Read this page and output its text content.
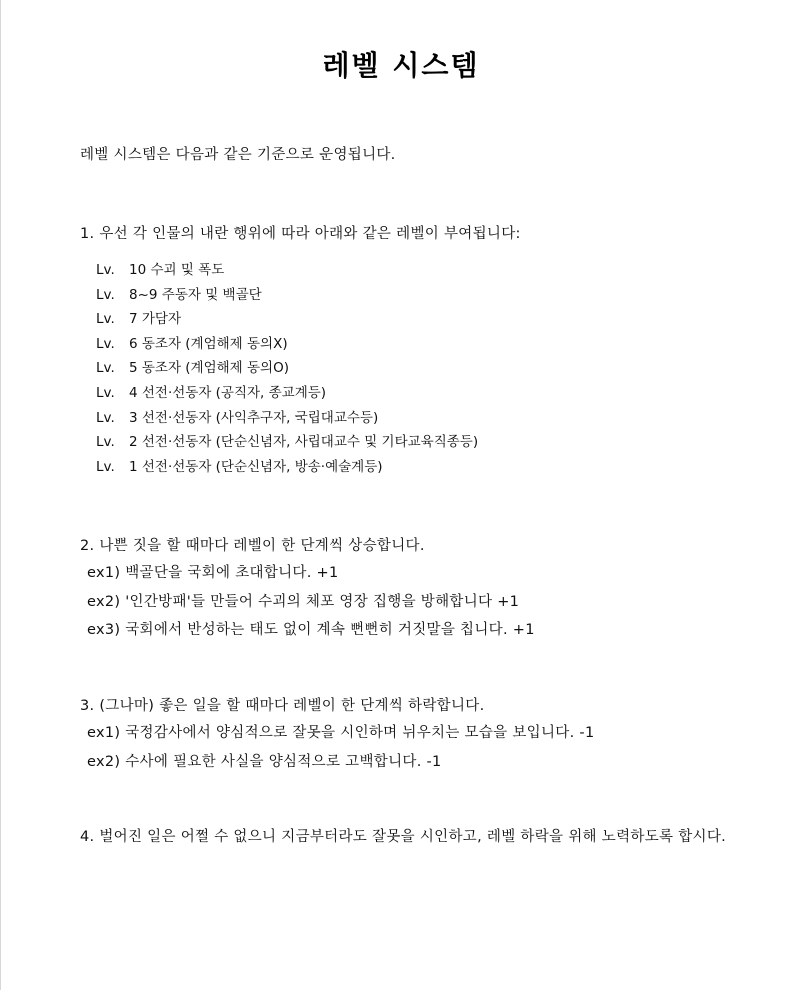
레벨 시스템

레벨 시스템은 다음과 같은 기준으로 운영됩니다.

1. 우선 각 인물의 내란 행위에 따라 아래와 같은 레벨이 부여됩니다:

Lv. 10 수괴 및 폭도
Lv. 8~9 주동자 및 백골단
Lv. 7 가담자
Lv. 6 동조자 (계엄해제 동의X)
Lv. 5 동조자 (계엄해제 동의O)
Lv. 4 선전·선동자 (공직자, 종교계등)
Lv. 3 선전·선동자 (사익추구자, 국립대교수등)
Lv. 2 선전·선동자 (단순신념자, 사립대교수 및 기타교육직종등)
Lv. 1 선전·선동자 (단순신념자, 방송·예술계등)

2. 나쁜 짓을 할 때마다 레벨이 한 단계씩 상승합니다.

ex1) 백골단을 국회에 초대합니다. +1
ex2) '인간방패'들 만들어 수괴의 체포 영장 집행을 방해합니다 +1
ex3) 국회에서 반성하는 태도 없이 계속 뻔뻔히 거짓말을 칩니다. +1

3. (그나마) 좋은 일을 할 때마다 레벨이 한 단계씩 하락합니다.

ex1) 국정감사에서 양심적으로 잘못을 시인하며 뉘우치는 모습을 보입니다. -1
ex2) 수사에 필요한 사실을 양심적으로 고백합니다. -1

4. 벌어진 일은 어쩔 수 없으니 지금부터라도 잘못을 시인하고, 레벨 하락을 위해 노력하도록 합시다.
